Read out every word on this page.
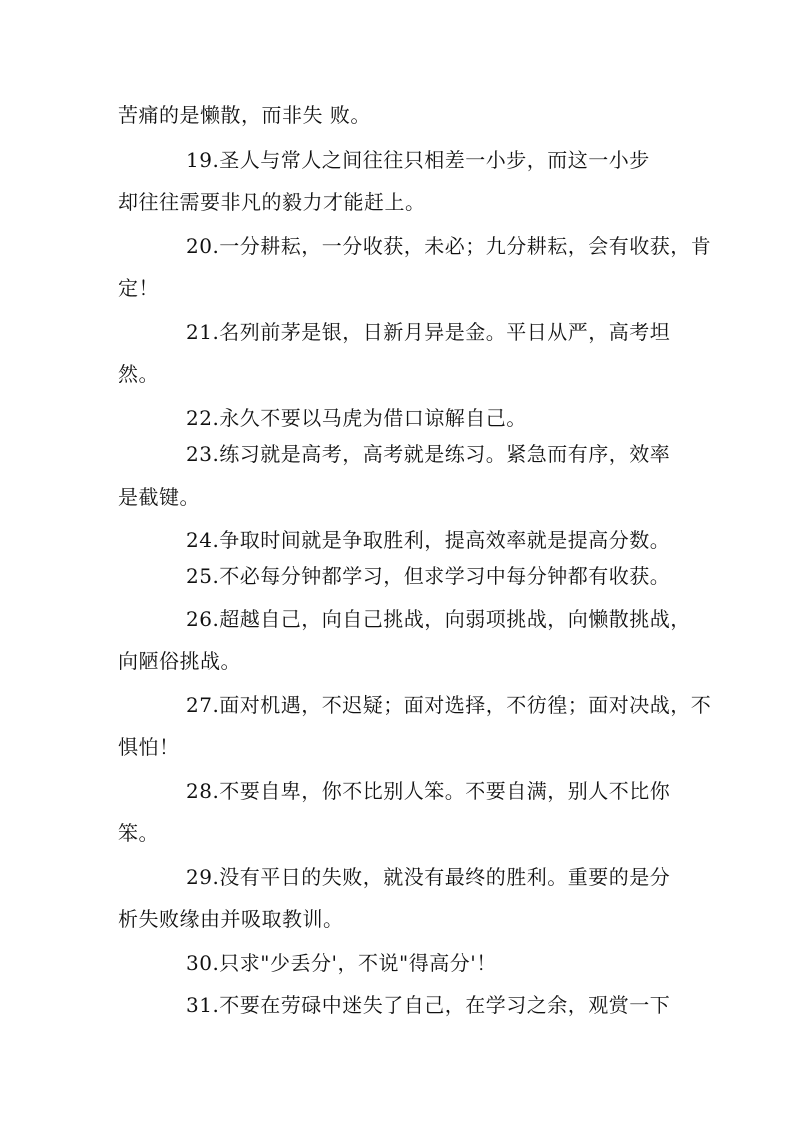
苦痛的是懒散，而非失 败。
19.圣人与常人之间往往只相差一小步，而这一小步
却往往需要非凡的毅力才能赶上。
20.一分耕耘，一分收获，未必；九分耕耘，会有收获，肯
定！
21.名列前茅是银，日新月异是金。平日从严，高考坦
然。
22.永久不要以马虎为借口谅解自己。
23.练习就是高考，高考就是练习。紧急而有序，效率
是截键。
24.争取时间就是争取胜利，提高效率就是提高分数。
25.不必每分钟都学习，但求学习中每分钟都有收获。
26.超越自己，向自己挑战，向弱项挑战，向懒散挑战，
向陋俗挑战。
27.面对机遇，不迟疑；面对选择，不彷徨；面对决战，不
惧怕！
28.不要自卑，你不比别人笨。不要自满，别人不比你
笨。
29.没有平日的失败，就没有最终的胜利。重要的是分
析失败缘由并吸取教训。
30.只求"少丢分'，不说"得高分'！
31.不要在劳碌中迷失了自己，在学习之余，观赏一下
